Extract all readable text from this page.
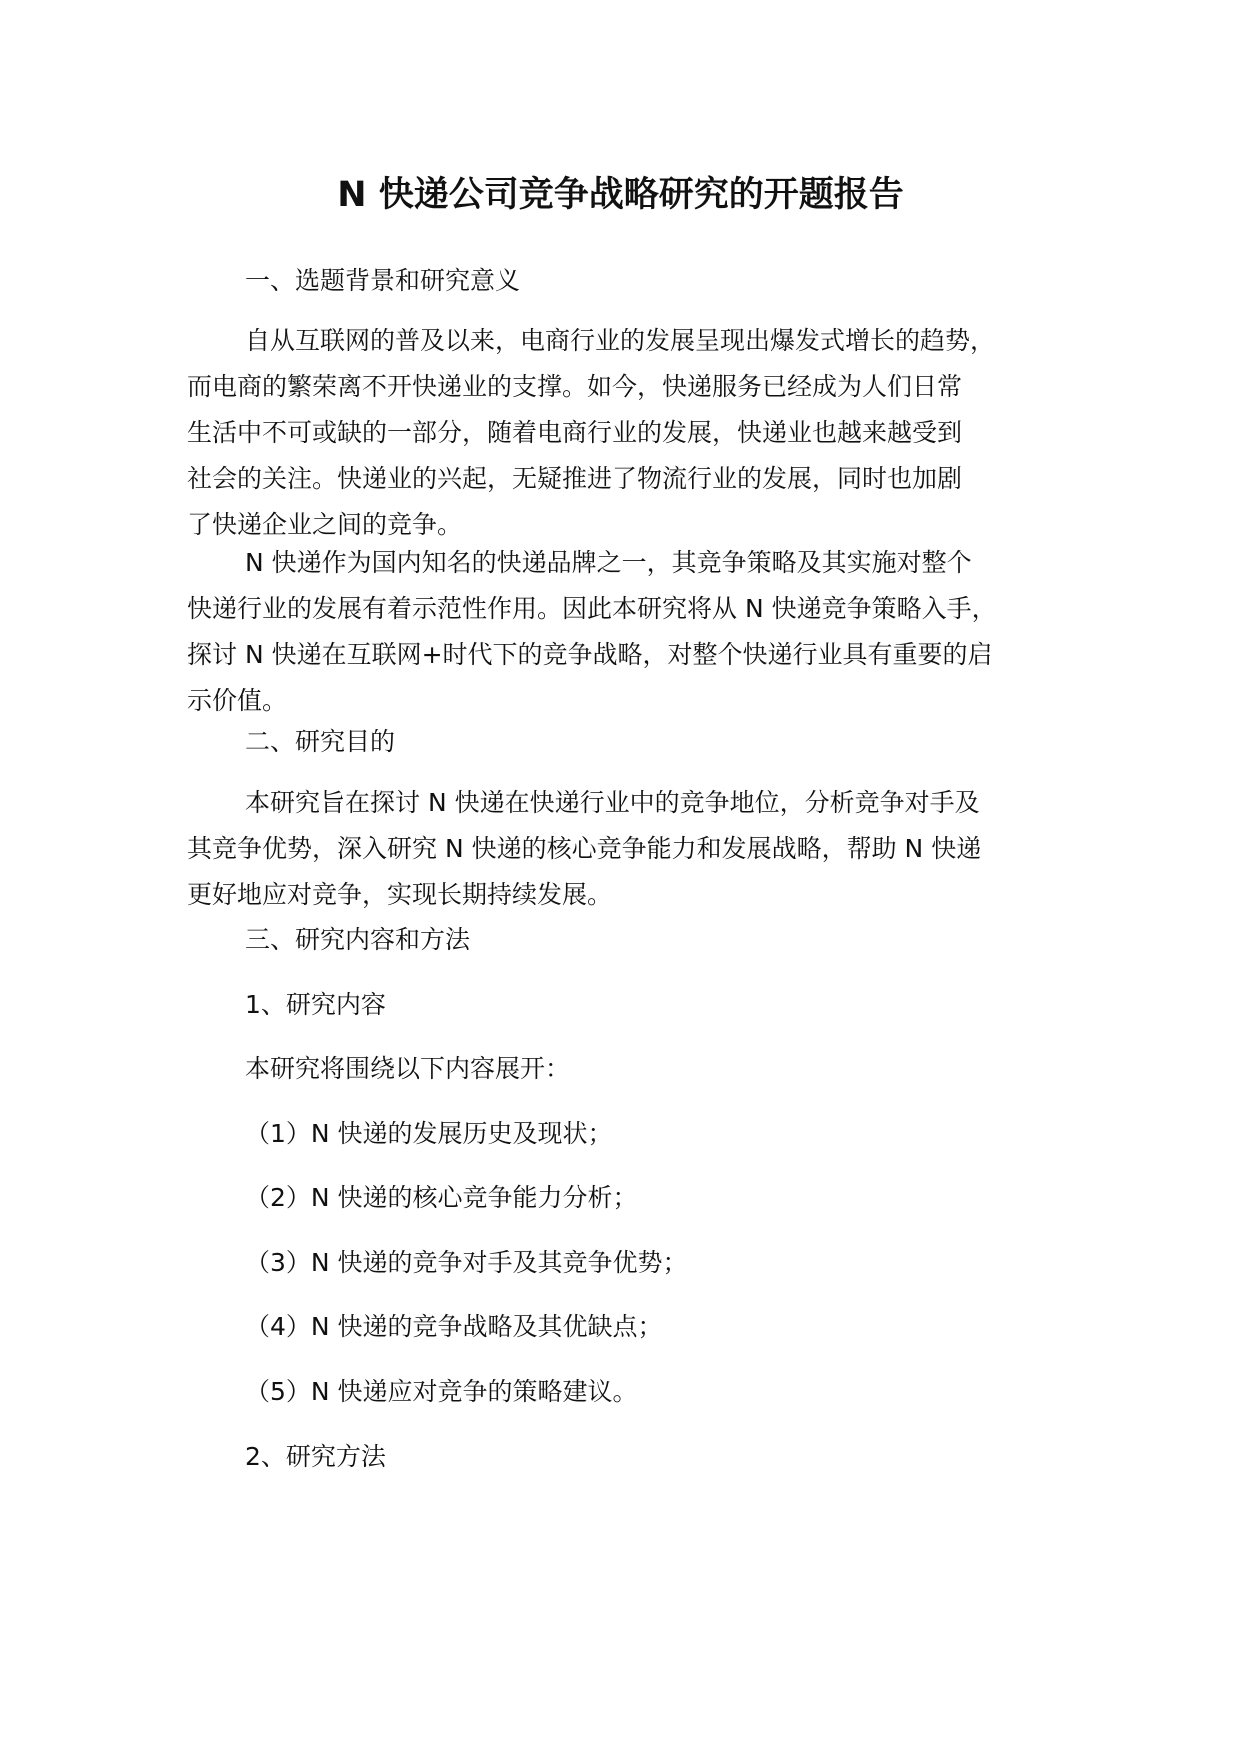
N 快递公司竞争战略研究的开题报告

一、选题背景和研究意义

自从互联网的普及以来，电商行业的发展呈现出爆发式增长的趋势，
而电商的繁荣离不开快递业的支撑。如今，快递服务已经成为人们日常
生活中不可或缺的一部分，随着电商行业的发展，快递业也越来越受到
社会的关注。快递业的兴起，无疑推进了物流行业的发展，同时也加剧
了快递企业之间的竞争。
N 快递作为国内知名的快递品牌之一，其竞争策略及其实施对整个
快递行业的发展有着示范性作用。因此本研究将从 N 快递竞争策略入手，
探讨 N 快递在互联网+时代下的竞争战略，对整个快递行业具有重要的启
示价值。

二、研究目的

本研究旨在探讨 N 快递在快递行业中的竞争地位，分析竞争对手及
其竞争优势，深入研究 N 快递的核心竞争能力和发展战略，帮助 N 快递
更好地应对竞争，实现长期持续发展。

三、研究内容和方法

1、研究内容

本研究将围绕以下内容展开：

（1）N 快递的发展历史及现状；

（2）N 快递的核心竞争能力分析；

（3）N 快递的竞争对手及其竞争优势；

（4）N 快递的竞争战略及其优缺点；

（5）N 快递应对竞争的策略建议。

2、研究方法
